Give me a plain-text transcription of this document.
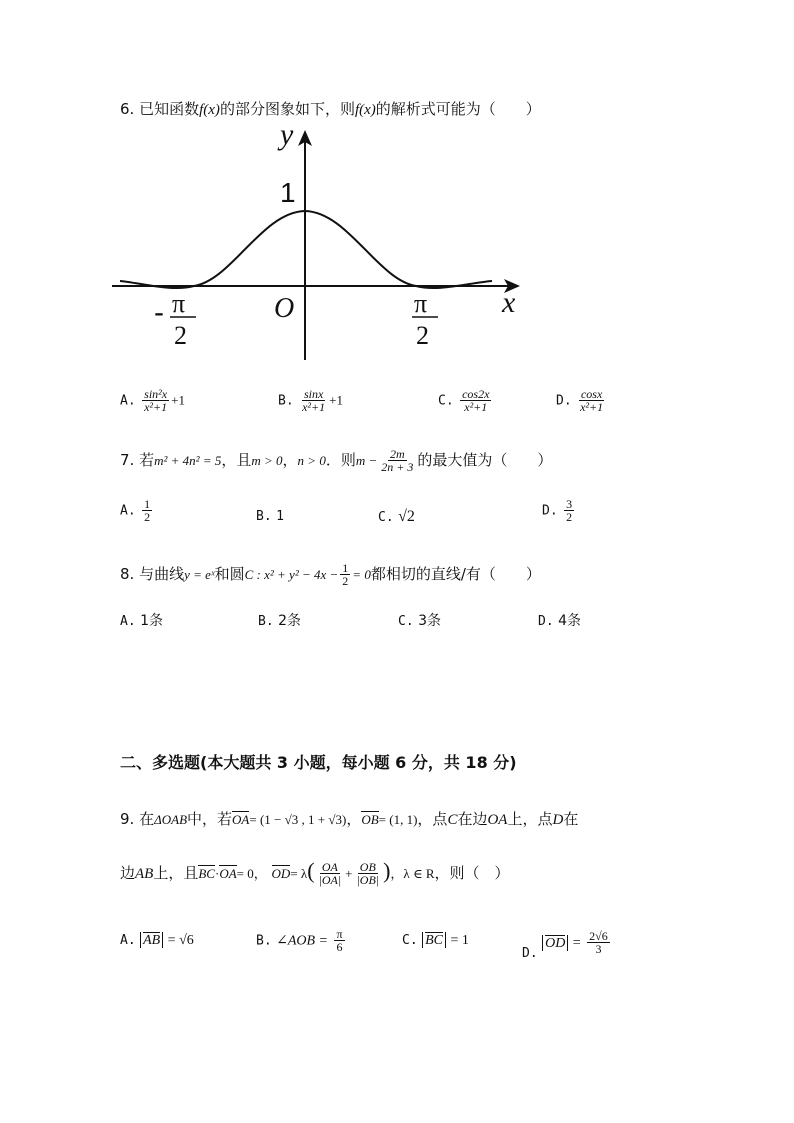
6. 已知函数f(x)的部分图象如下，则f(x)的解析式可能为（　　）
y
x
1
O
- π
2
π
2
A. $\frac{\text{sin²x}}{\text{x²+1}} +1$	B. $\frac{\sin x}{\text{x²+1}} +1$	C. $\frac{\cos 2x}{\text{x²+1}}$	D. $\frac{\cos x}{\text{x²+1}}$
7. 若m² + 4n² = 5，且m > 0，n > 0．则$m - \frac{2m}{2n + 3}$ 的最大值为（　　）
A. $\frac{1}{2}$	B. 1	C. √2	D. $\frac{3}{2}$
8. 与曲线y = eˣ和圆C : $x^2 + y^2 - 4x - \frac{1}{2} = 0$都相切的直线/有（　　）
A. 1条	B. 2条	C. 3条	D. 4条
二、多选题(本大题共 3 小题，每小题 6 分，共 18 分)
9. 在ΔOAB中，若OA= (1 − √3 , 1 + √3)，OB= (1, 1)，点C在边OA上，点D在
边AB上，且BC·OA= 0， $OD= \lambda( \frac{OA}{|OA|} + \frac{OB}{|OB|}$ )，λ ∈ R，则（　）
A. AB = √6	B. ∠AOB = $\frac{\pi}{6}$	C. BC = 1
D. OD = $\frac{2√6}{3}$
